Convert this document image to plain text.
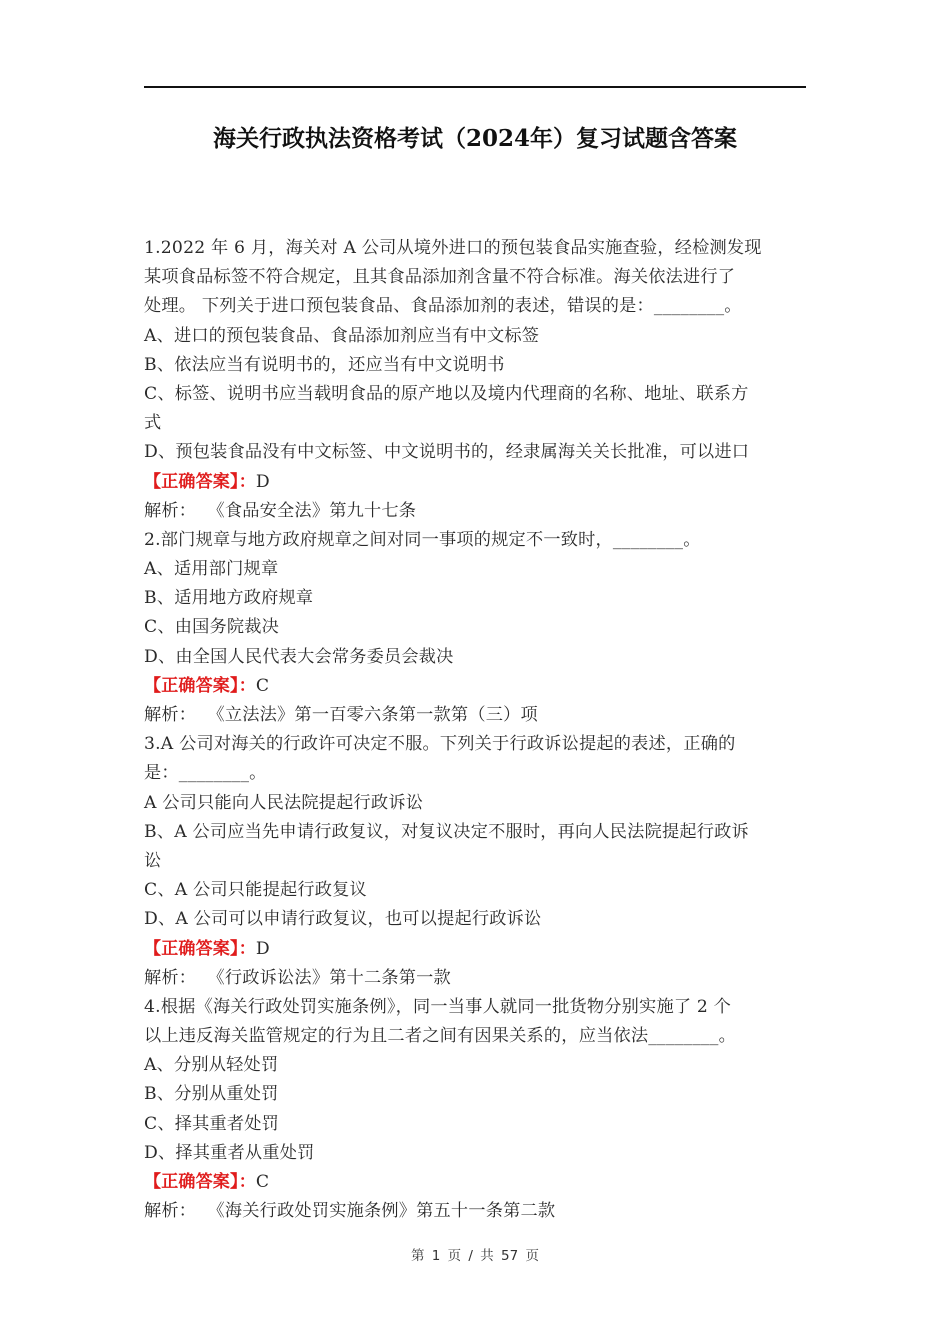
海关行政执法资格考试（2024年）复习试题含答案
1.2022 年 6 月，海关对 A 公司从境外进口的预包装食品实施查验，经检测发现
某项食品标签不符合规定，且其食品添加剂含量不符合标准。海关依法进行了
处理。 下列关于进口预包装食品、食品添加剂的表述，错误的是：________。
A、进口的预包装食品、食品添加剂应当有中文标签
B、依法应当有说明书的，还应当有中文说明书
C、标签、说明书应当载明食品的原产地以及境内代理商的名称、地址、联系方
式
D、预包装食品没有中文标签、中文说明书的，经隶属海关关长批准，可以进口
【正确答案】：D
解析：  《食品安全法》第九十七条
2.部门规章与地方政府规章之间对同一事项的规定不一致时，________。
A、适用部门规章
B、适用地方政府规章
C、由国务院裁决
D、由全国人民代表大会常务委员会裁决
【正确答案】：C
解析：  《立法法》第一百零六条第一款第（三）项
3.A 公司对海关的行政许可决定不服。下列关于行政诉讼提起的表述，正确的
是：________。
A 公司只能向人民法院提起行政诉讼
B、A 公司应当先申请行政复议，对复议决定不服时，再向人民法院提起行政诉
讼
C、A 公司只能提起行政复议
D、A 公司可以申请行政复议，也可以提起行政诉讼
【正确答案】：D
解析：  《行政诉讼法》第十二条第一款
4.根据《海关行政处罚实施条例》，同一当事人就同一批货物分别实施了 2 个
以上违反海关监管规定的行为且二者之间有因果关系的，应当依法________。
A、分别从轻处罚
B、分别从重处罚
C、择其重者处罚
D、择其重者从重处罚
【正确答案】：C
解析：  《海关行政处罚实施条例》第五十一条第二款
第 1 页 / 共 57 页
